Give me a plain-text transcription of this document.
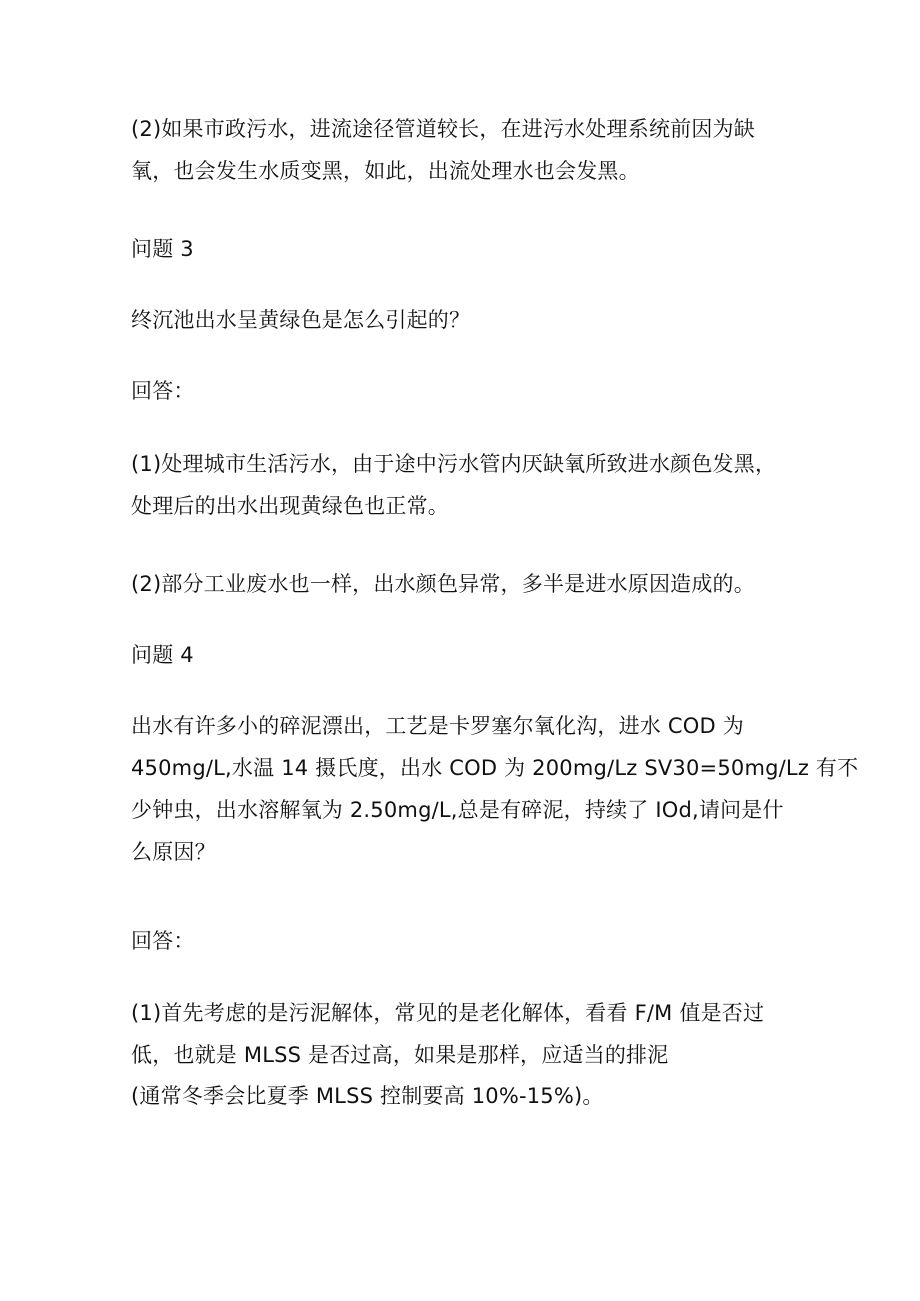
(2)如果市政污水，进流途径管道较长，在进污水处理系统前因为缺
氧，也会发生水质变黑，如此，出流处理水也会发黑。
问题 3
终沉池出水呈黄绿色是怎么引起的？
回答：
(1)处理城市生活污水，由于途中污水管内厌缺氧所致进水颜色发黑，
处理后的出水出现黄绿色也正常。
(2)部分工业废水也一样，出水颜色异常，多半是进水原因造成的。
问题 4
出水有许多小的碎泥漂出，工艺是卡罗塞尔氧化沟，进水 COD 为
450mg∕L,水温 14 摄氏度，出水 COD 为 200mg∕Lz SV30=50mg∕Lz 有不
少钟虫，出水溶解氧为 2.50mg∕L,总是有碎泥，持续了 IOd,请问是什
么原因？
回答：
(1)首先考虑的是污泥解体，常见的是老化解体，看看 F/M 值是否过
低，也就是 MLSS 是否过高，如果是那样，应适当的排泥
(通常冬季会比夏季 MLSS 控制要高 10%-15%)。
